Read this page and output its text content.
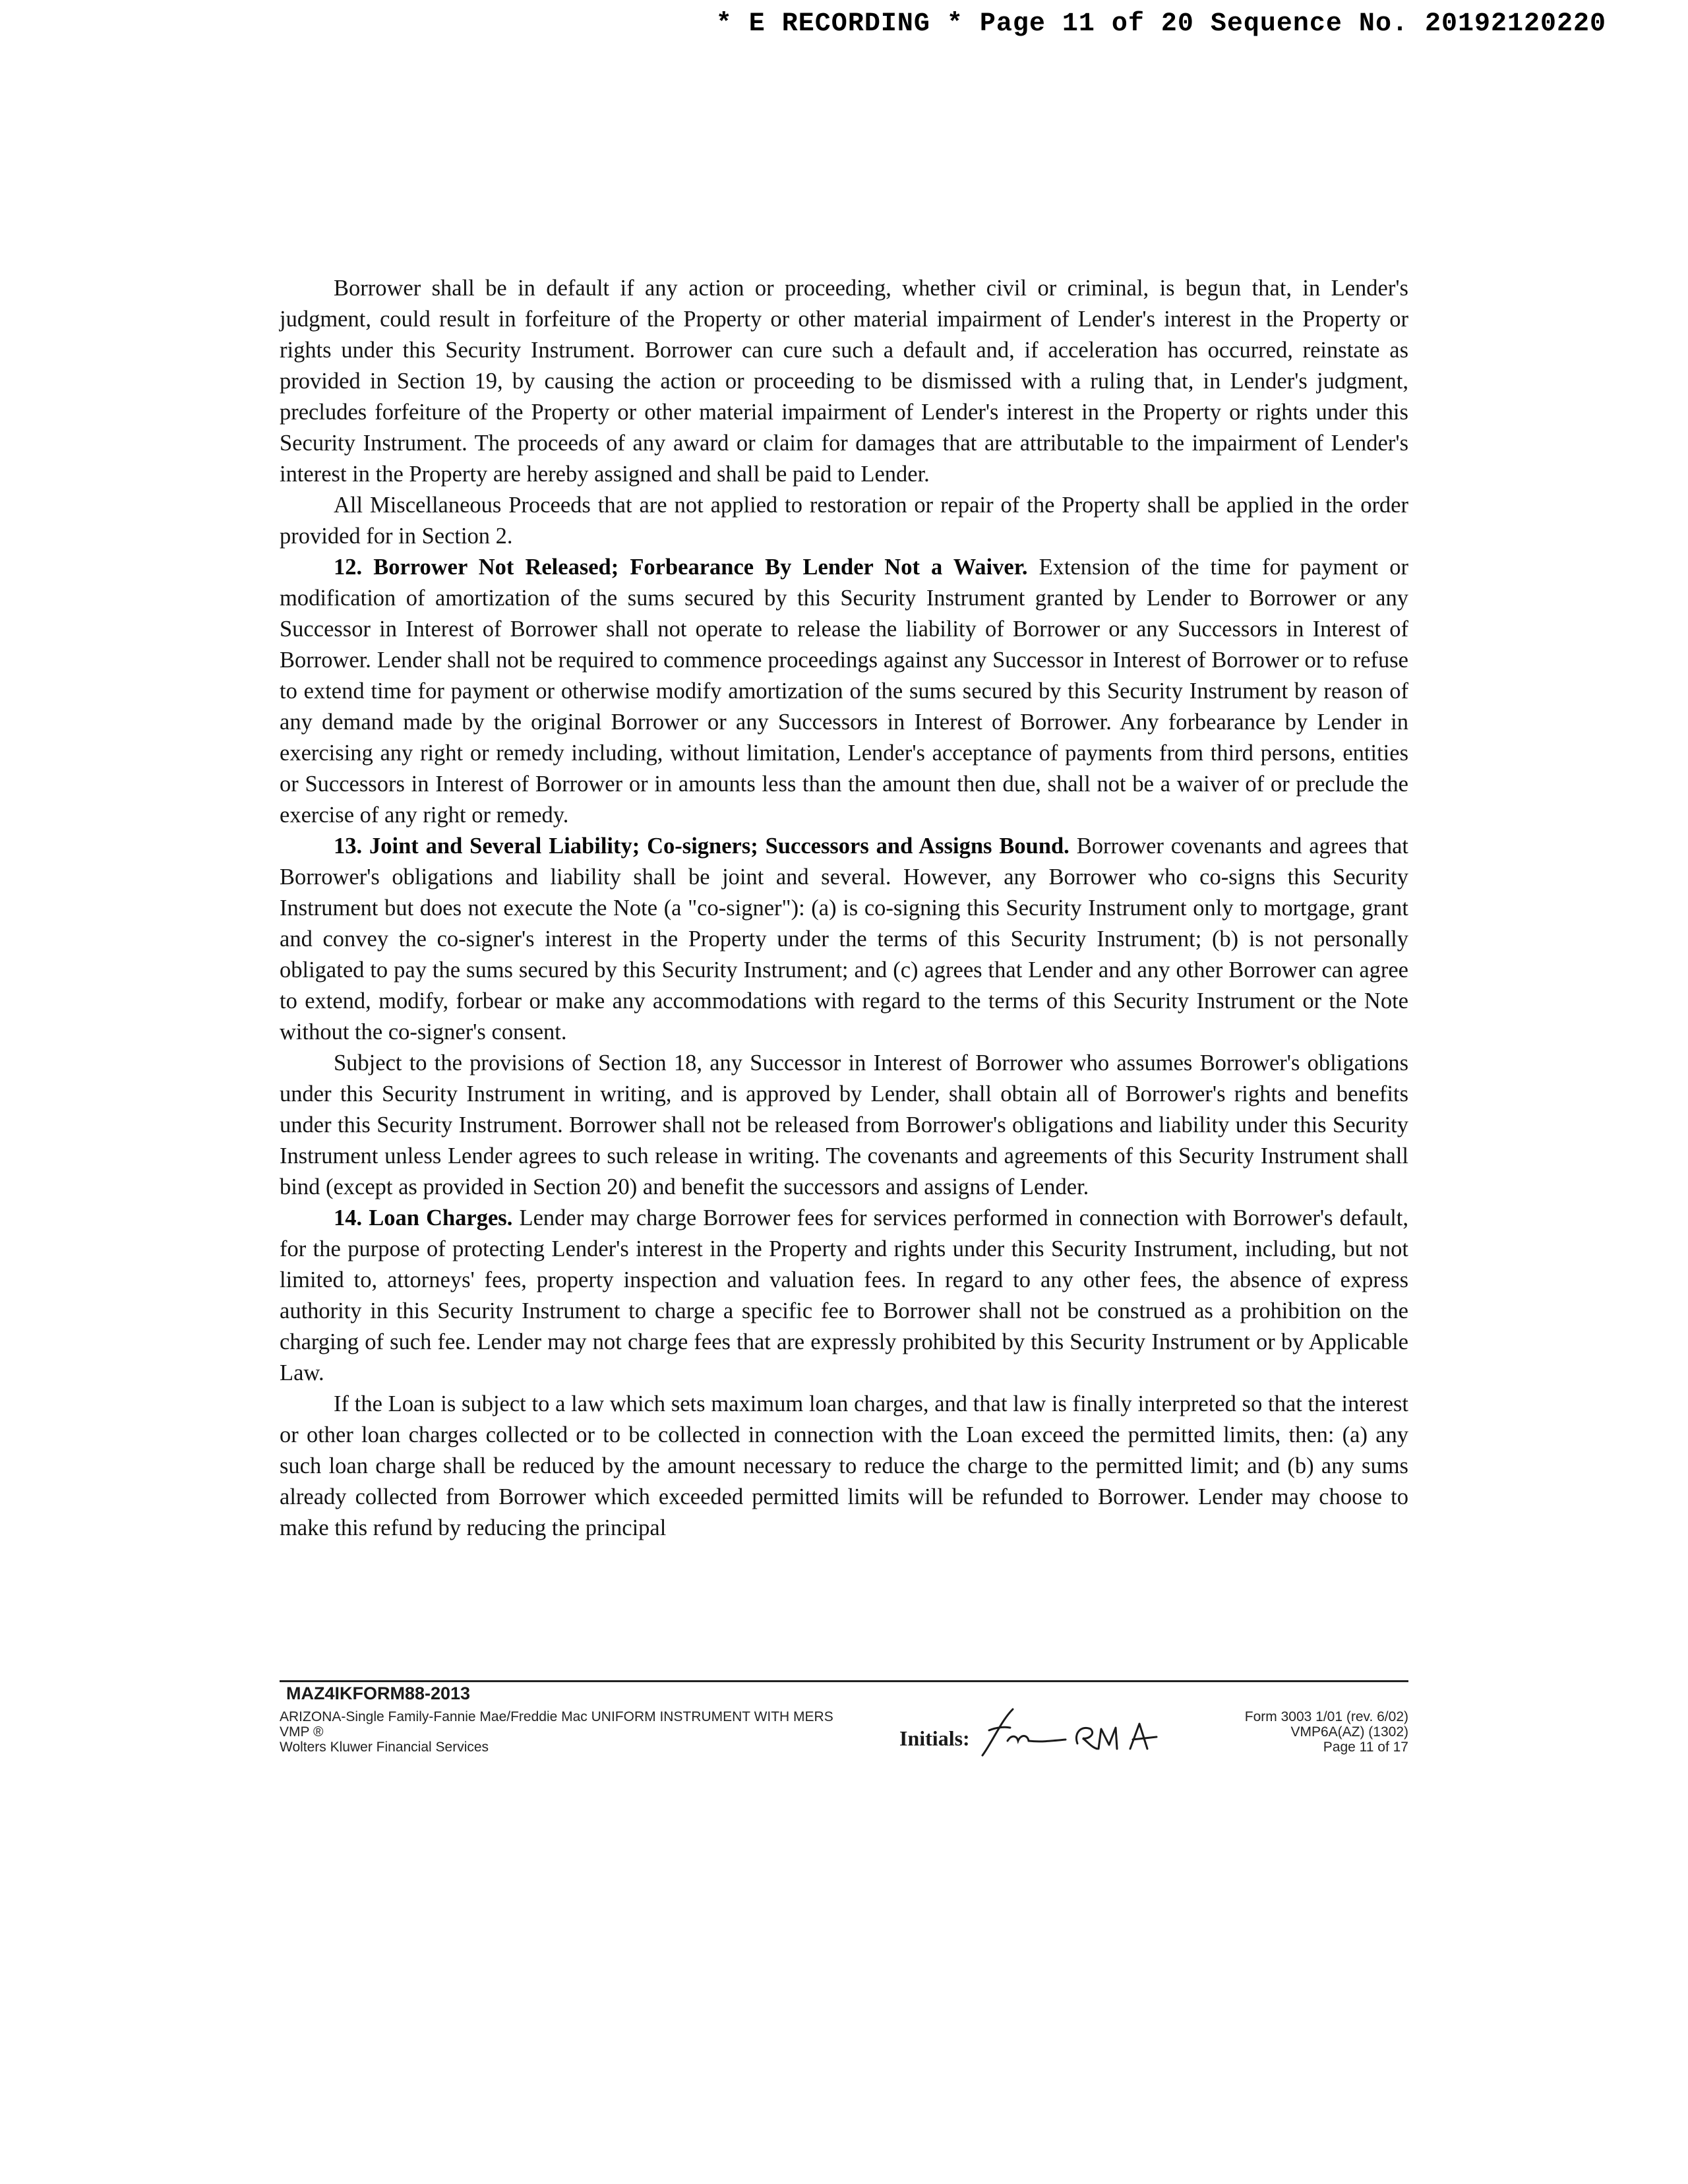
* E RECORDING * Page 11 of 20 Sequence No. 20192120220

Borrower shall be in default if any action or proceeding, whether civil or criminal, is begun that, in Lender's judgment, could result in forfeiture of the Property or other material impairment of Lender's interest in the Property or rights under this Security Instrument. Borrower can cure such a default and, if acceleration has occurred, reinstate as provided in Section 19, by causing the action or proceeding to be dismissed with a ruling that, in Lender's judgment, precludes forfeiture of the Property or other material impairment of Lender's interest in the Property or rights under this Security Instrument. The proceeds of any award or claim for damages that are attributable to the impairment of Lender's interest in the Property are hereby assigned and shall be paid to Lender.

All Miscellaneous Proceeds that are not applied to restoration or repair of the Property shall be applied in the order provided for in Section 2.

12. Borrower Not Released; Forbearance By Lender Not a Waiver. Extension of the time for payment or modification of amortization of the sums secured by this Security Instrument granted by Lender to Borrower or any Successor in Interest of Borrower shall not operate to release the liability of Borrower or any Successors in Interest of Borrower. Lender shall not be required to commence proceedings against any Successor in Interest of Borrower or to refuse to extend time for payment or otherwise modify amortization of the sums secured by this Security Instrument by reason of any demand made by the original Borrower or any Successors in Interest of Borrower. Any forbearance by Lender in exercising any right or remedy including, without limitation, Lender's acceptance of payments from third persons, entities or Successors in Interest of Borrower or in amounts less than the amount then due, shall not be a waiver of or preclude the exercise of any right or remedy.

13. Joint and Several Liability; Co-signers; Successors and Assigns Bound. Borrower covenants and agrees that Borrower's obligations and liability shall be joint and several. However, any Borrower who co-signs this Security Instrument but does not execute the Note (a "co-signer"): (a) is co-signing this Security Instrument only to mortgage, grant and convey the co-signer's interest in the Property under the terms of this Security Instrument; (b) is not personally obligated to pay the sums secured by this Security Instrument; and (c) agrees that Lender and any other Borrower can agree to extend, modify, forbear or make any accommodations with regard to the terms of this Security Instrument or the Note without the co-signer's consent.

Subject to the provisions of Section 18, any Successor in Interest of Borrower who assumes Borrower's obligations under this Security Instrument in writing, and is approved by Lender, shall obtain all of Borrower's rights and benefits under this Security Instrument. Borrower shall not be released from Borrower's obligations and liability under this Security Instrument unless Lender agrees to such release in writing. The covenants and agreements of this Security Instrument shall bind (except as provided in Section 20) and benefit the successors and assigns of Lender.

14. Loan Charges. Lender may charge Borrower fees for services performed in connection with Borrower's default, for the purpose of protecting Lender's interest in the Property and rights under this Security Instrument, including, but not limited to, attorneys' fees, property inspection and valuation fees. In regard to any other fees, the absence of express authority in this Security Instrument to charge a specific fee to Borrower shall not be construed as a prohibition on the charging of such fee. Lender may not charge fees that are expressly prohibited by this Security Instrument or by Applicable Law.

If the Loan is subject to a law which sets maximum loan charges, and that law is finally interpreted so that the interest or other loan charges collected or to be collected in connection with the Loan exceed the permitted limits, then: (a) any such loan charge shall be reduced by the amount necessary to reduce the charge to the permitted limit; and (b) any sums already collected from Borrower which exceeded permitted limits will be refunded to Borrower. Lender may choose to make this refund by reducing the principal

MAZ4IKFORM88-2013
ARIZONA-Single Family-Fannie Mae/Freddie Mac UNIFORM INSTRUMENT WITH MERS
VMP ®
Wolters Kluwer Financial Services	Initials:
Form 3003 1/01 (rev. 6/02)
VMP6A(AZ) (1302)
Page 11 of 17
